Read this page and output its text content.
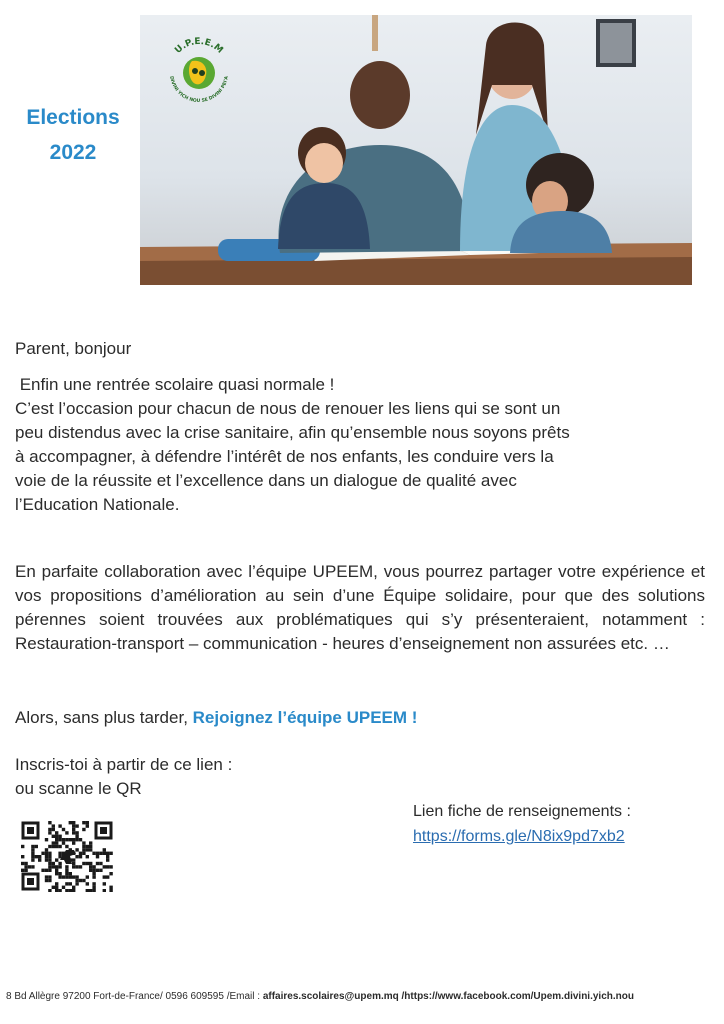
Elections
2022
U.P.E.E.M
DIVINI YICH NOU SE DIVINI PEI'A
Parent, bonjour
Enfin une rentrée scolaire quasi normale !
C’est l’occasion pour chacun de nous de renouer les liens qui se sont un
peu distendus avec la crise sanitaire, afin qu’ensemble nous soyons prêts
à accompagner, à défendre l’intérêt de nos enfants, les conduire vers la
voie de la réussite et l’excellence dans un dialogue de qualité avec
l’Education Nationale.
En parfaite collaboration avec l’équipe UPEEM, vous pourrez partager votre expérience et vos propositions d’amélioration au sein d’une Équipe solidaire, pour que des solutions pérennes soient trouvées aux problématiques qui s’y présenteraient, notamment : Restauration-transport – communication - heures d’enseignement non assurées etc. …
Alors, sans plus tarder, Rejoignez l’équipe UPEEM !
Inscris-toi à partir de ce lien :
ou scanne le QR
Lien fiche de renseignements :
https://forms.gle/N8ix9pd7xb2
8 Bd Allègre 97200 Fort-de-France/ 0596 609595 /Email : affaires.scolaires@upem.mq /https://www.facebook.com/Upem.divini.yich.nou
